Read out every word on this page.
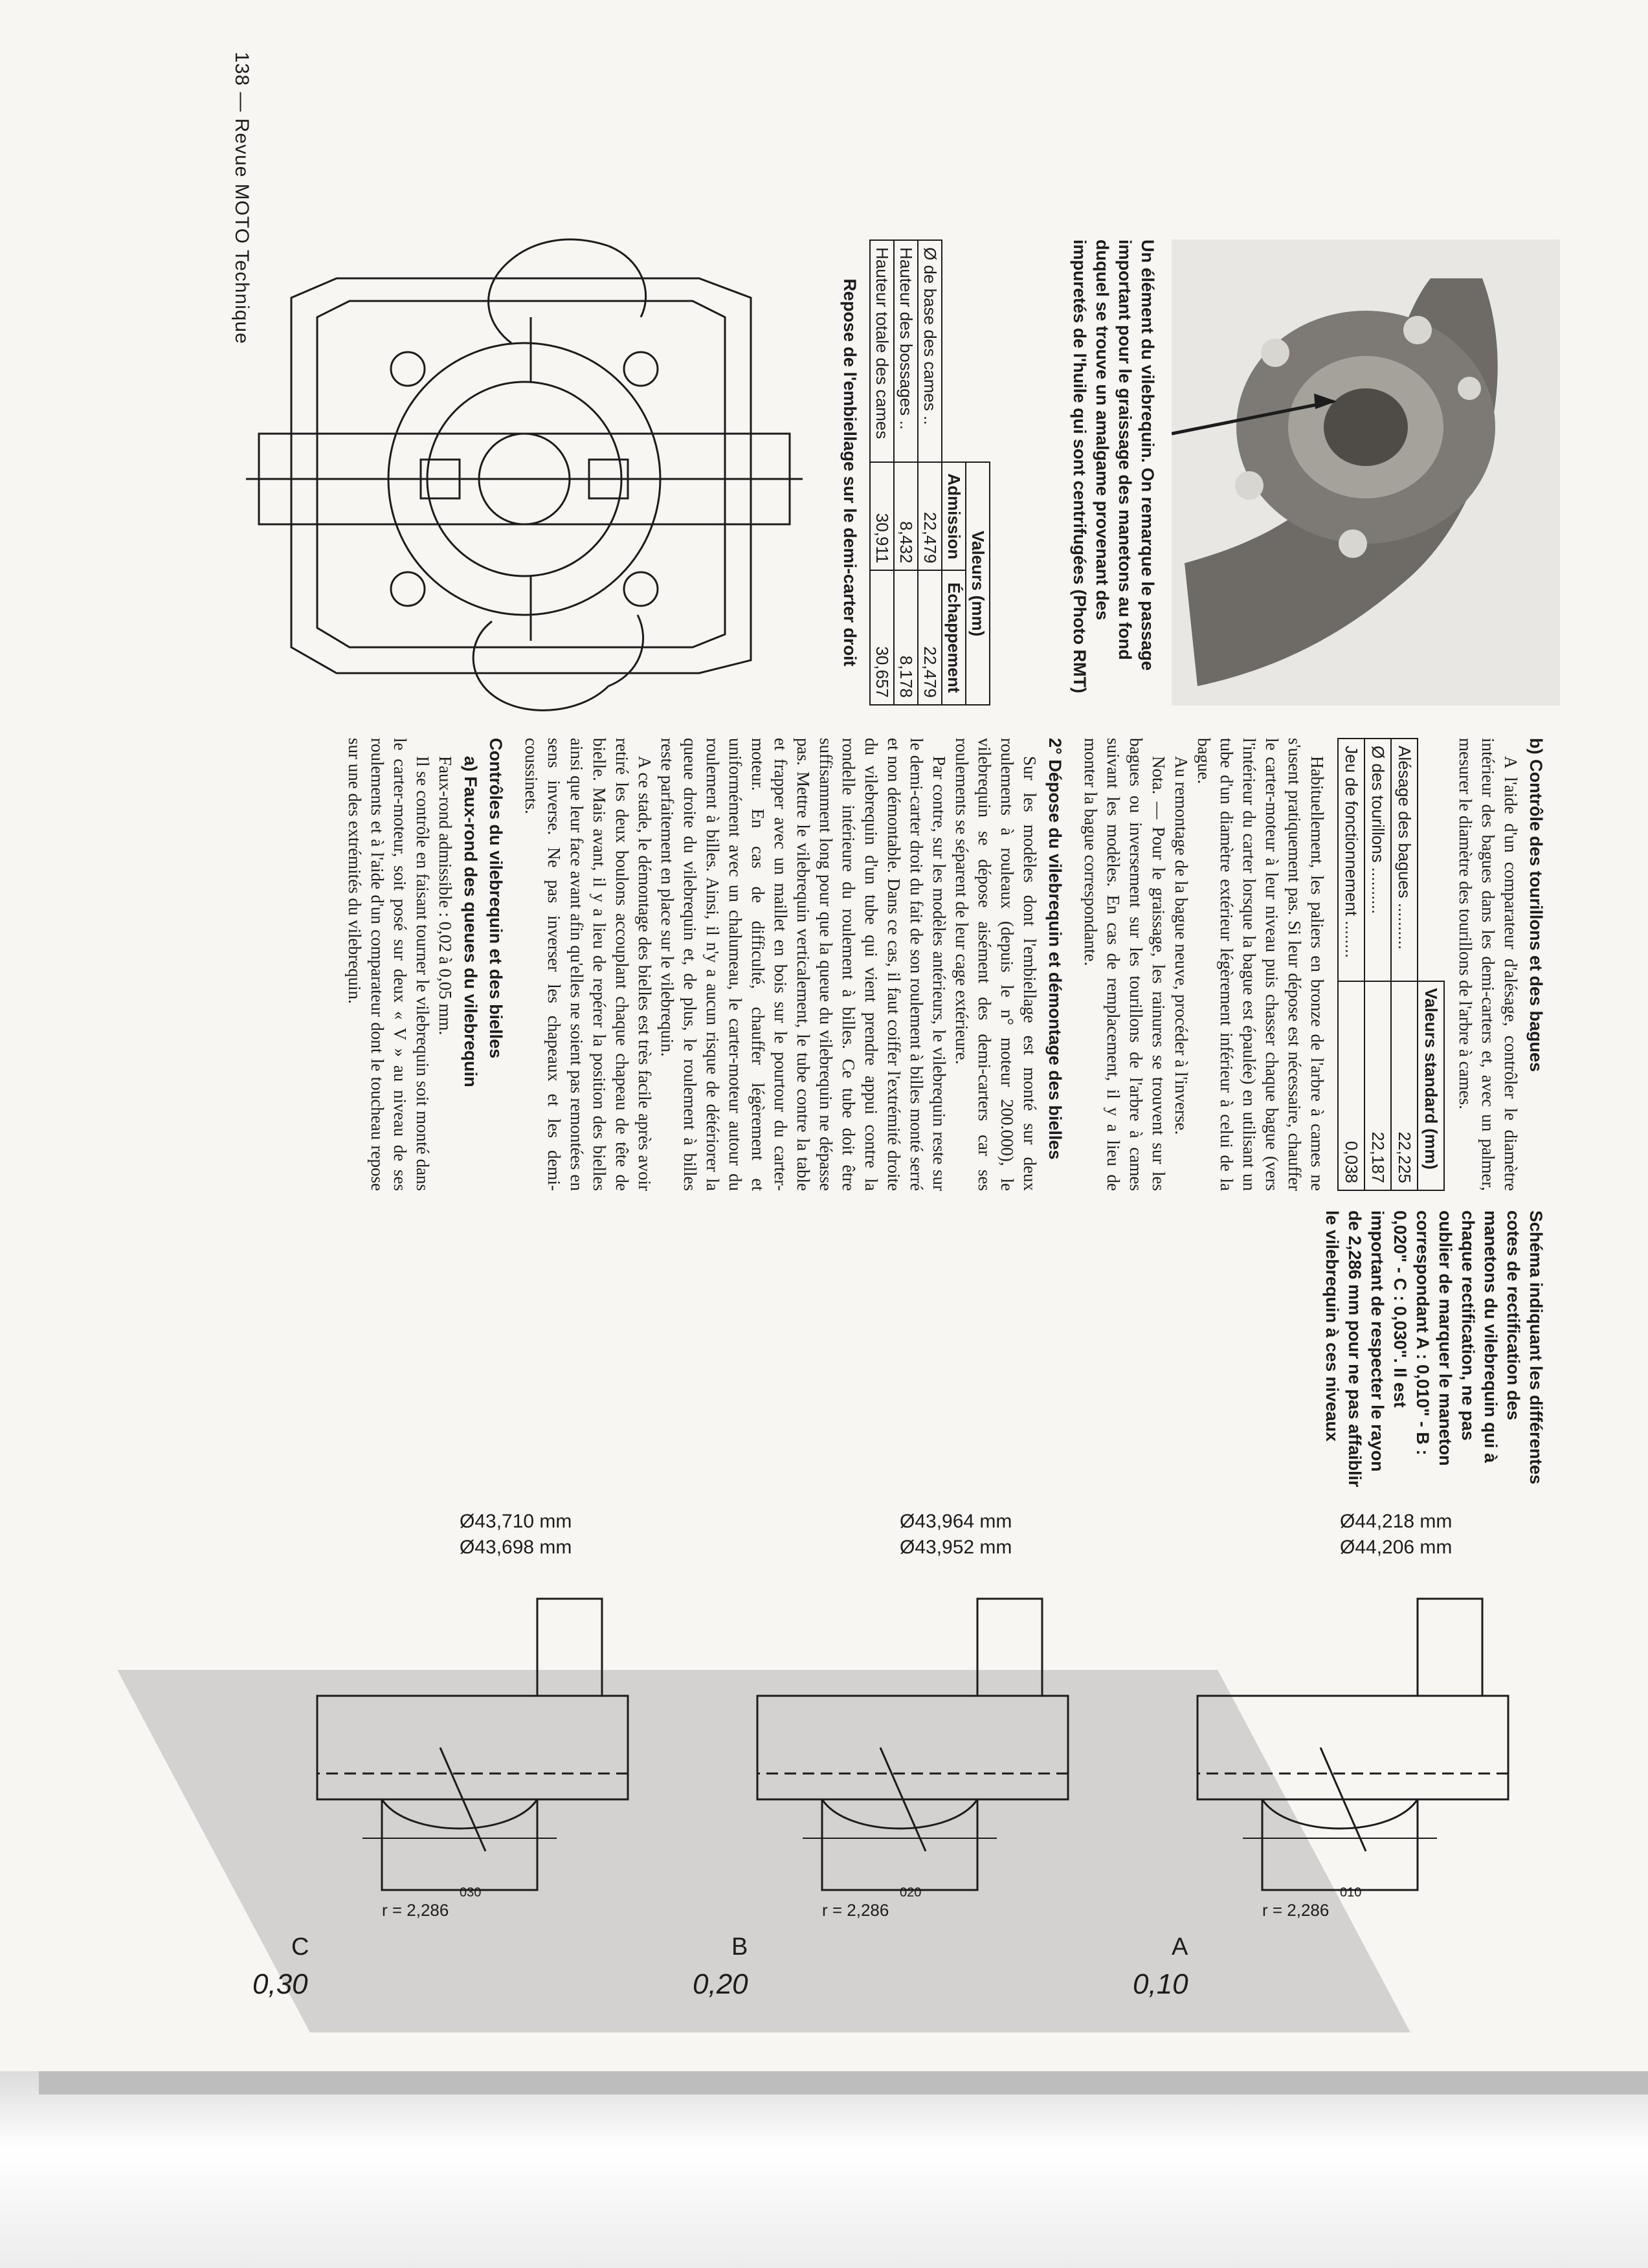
138 — Revue MOTO Technique
Un élément du vilebrequin. On remarque le passage important pour le graissage des manetons au fond duquel se trouve un amalgame provenant des impuretés de l'huile qui sont centrifugées (Photo RMT)
	Valeurs (mm)	
	Admission	Échappement
Ø de base des cames ..	22,479	22,479
Hauteur des bossages ..	8,432	8,178
Hauteur totale des cames	30,911	30,657
Repose de l'embiellage sur le demi-carter droit
b) Contrôle des tourillons et des bagues

A l'aide d'un comparateur d'alésage, contrôler le diamètre intérieur des bagues dans les demi-carters et, avec un palmer, mesurer le diamètre des tourillons de l'arbre à cames.

	Valeurs standard (mm)
Alésage des bagues ..........	22,225
Ø des tourillons ..........	22,187
Jeu de fonctionnement ........	0,038

Habituellement, les paliers en bronze de l'arbre à cames ne s'usent pratiquement pas. Si leur dépose est nécessaire, chauffer le carter-moteur à leur niveau puis chasser chaque bague (vers l'intérieur du carter lorsque la bague est épaulée) en utilisant un tube d'un diamètre extérieur légèrement inférieur à celui de la bague.

Au remontage de la bague neuve, procéder à l'inverse.

Nota. — Pour le graissage, les rainures se trouvent sur les bagues ou inversement sur les tourillons de l'arbre à cames suivant les modèles. En cas de remplacement, il y a lieu de monter la bague correspondante.

2° Dépose du vilebrequin et démontage des bielles

Sur les modèles dont l'embiellage est monté sur deux roulements à rouleaux (depuis le n° moteur 200.000), le vilebrequin se dépose aisément des demi-carters car ses roulements se séparent de leur cage extérieure.

Par contre, sur les modèles antérieurs, le vilebrequin reste sur le demi-carter droit du fait de son roulement à billes monté serré et non démontable. Dans ce cas, il faut coiffer l'extrémité droite du vilebrequin d'un tube qui vient prendre appui contre la rondelle intérieure du roulement à billes. Ce tube doit être suffisamment long pour que la queue du vilebrequin ne dépasse pas. Mettre le vilebrequin verticalement, le tube contre la table et frapper avec un maillet en bois sur le pourtour du carter-moteur. En cas de difficulté, chauffer légèrement et uniformément avec un chalumeau, le carter-moteur autour du roulement à billes. Ainsi, il n'y a aucun risque de détériorer la queue droite du vilebrequin et, de plus, le roulement à billes reste parfaitement en place sur le vilebrequin.

A ce stade, le démontage des bielles est très facile après avoir retiré les deux boulons accouplant chaque chapeau de tête de bielle. Mais avant, il y a lieu de repérer la position des bielles ainsi que leur face avant afin qu'elles ne soient pas remontées en sens inverse. Ne pas inverser les chapeaux et les demi-coussinets.

Contrôles du vilebrequin et des bielles
a) Faux-rond des queues du vilebrequin

Faux-rond admissible : 0,02 à 0,05 mm.

Il se contrôle en faisant tourner le vilebrequin soit monté dans le carter-moteur, soit posé sur deux « V » au niveau de ses roulements et à l'aide d'un comparateur dont le toucheau repose sur une des extrémités du vilebrequin.

Schéma indiquant les différentes cotes de rectification des manetons du vilebrequin qui à chaque rectification, ne pas oublier de marquer le maneton correspondant A : 0,010" - B : 0,020" - C : 0,030". Il est important de respecter le rayon de 2,286 mm pour ne pas affaiblir le vilebrequin à ces niveaux
Ø44,218 mm
Ø44,206 mm
r = 2,286
A
010
0,10
Ø43,964 mm
Ø43,952 mm
r = 2,286
B
020
0,20
Ø43,710 mm
Ø43,698 mm
r = 2,286
C
030
0,30
